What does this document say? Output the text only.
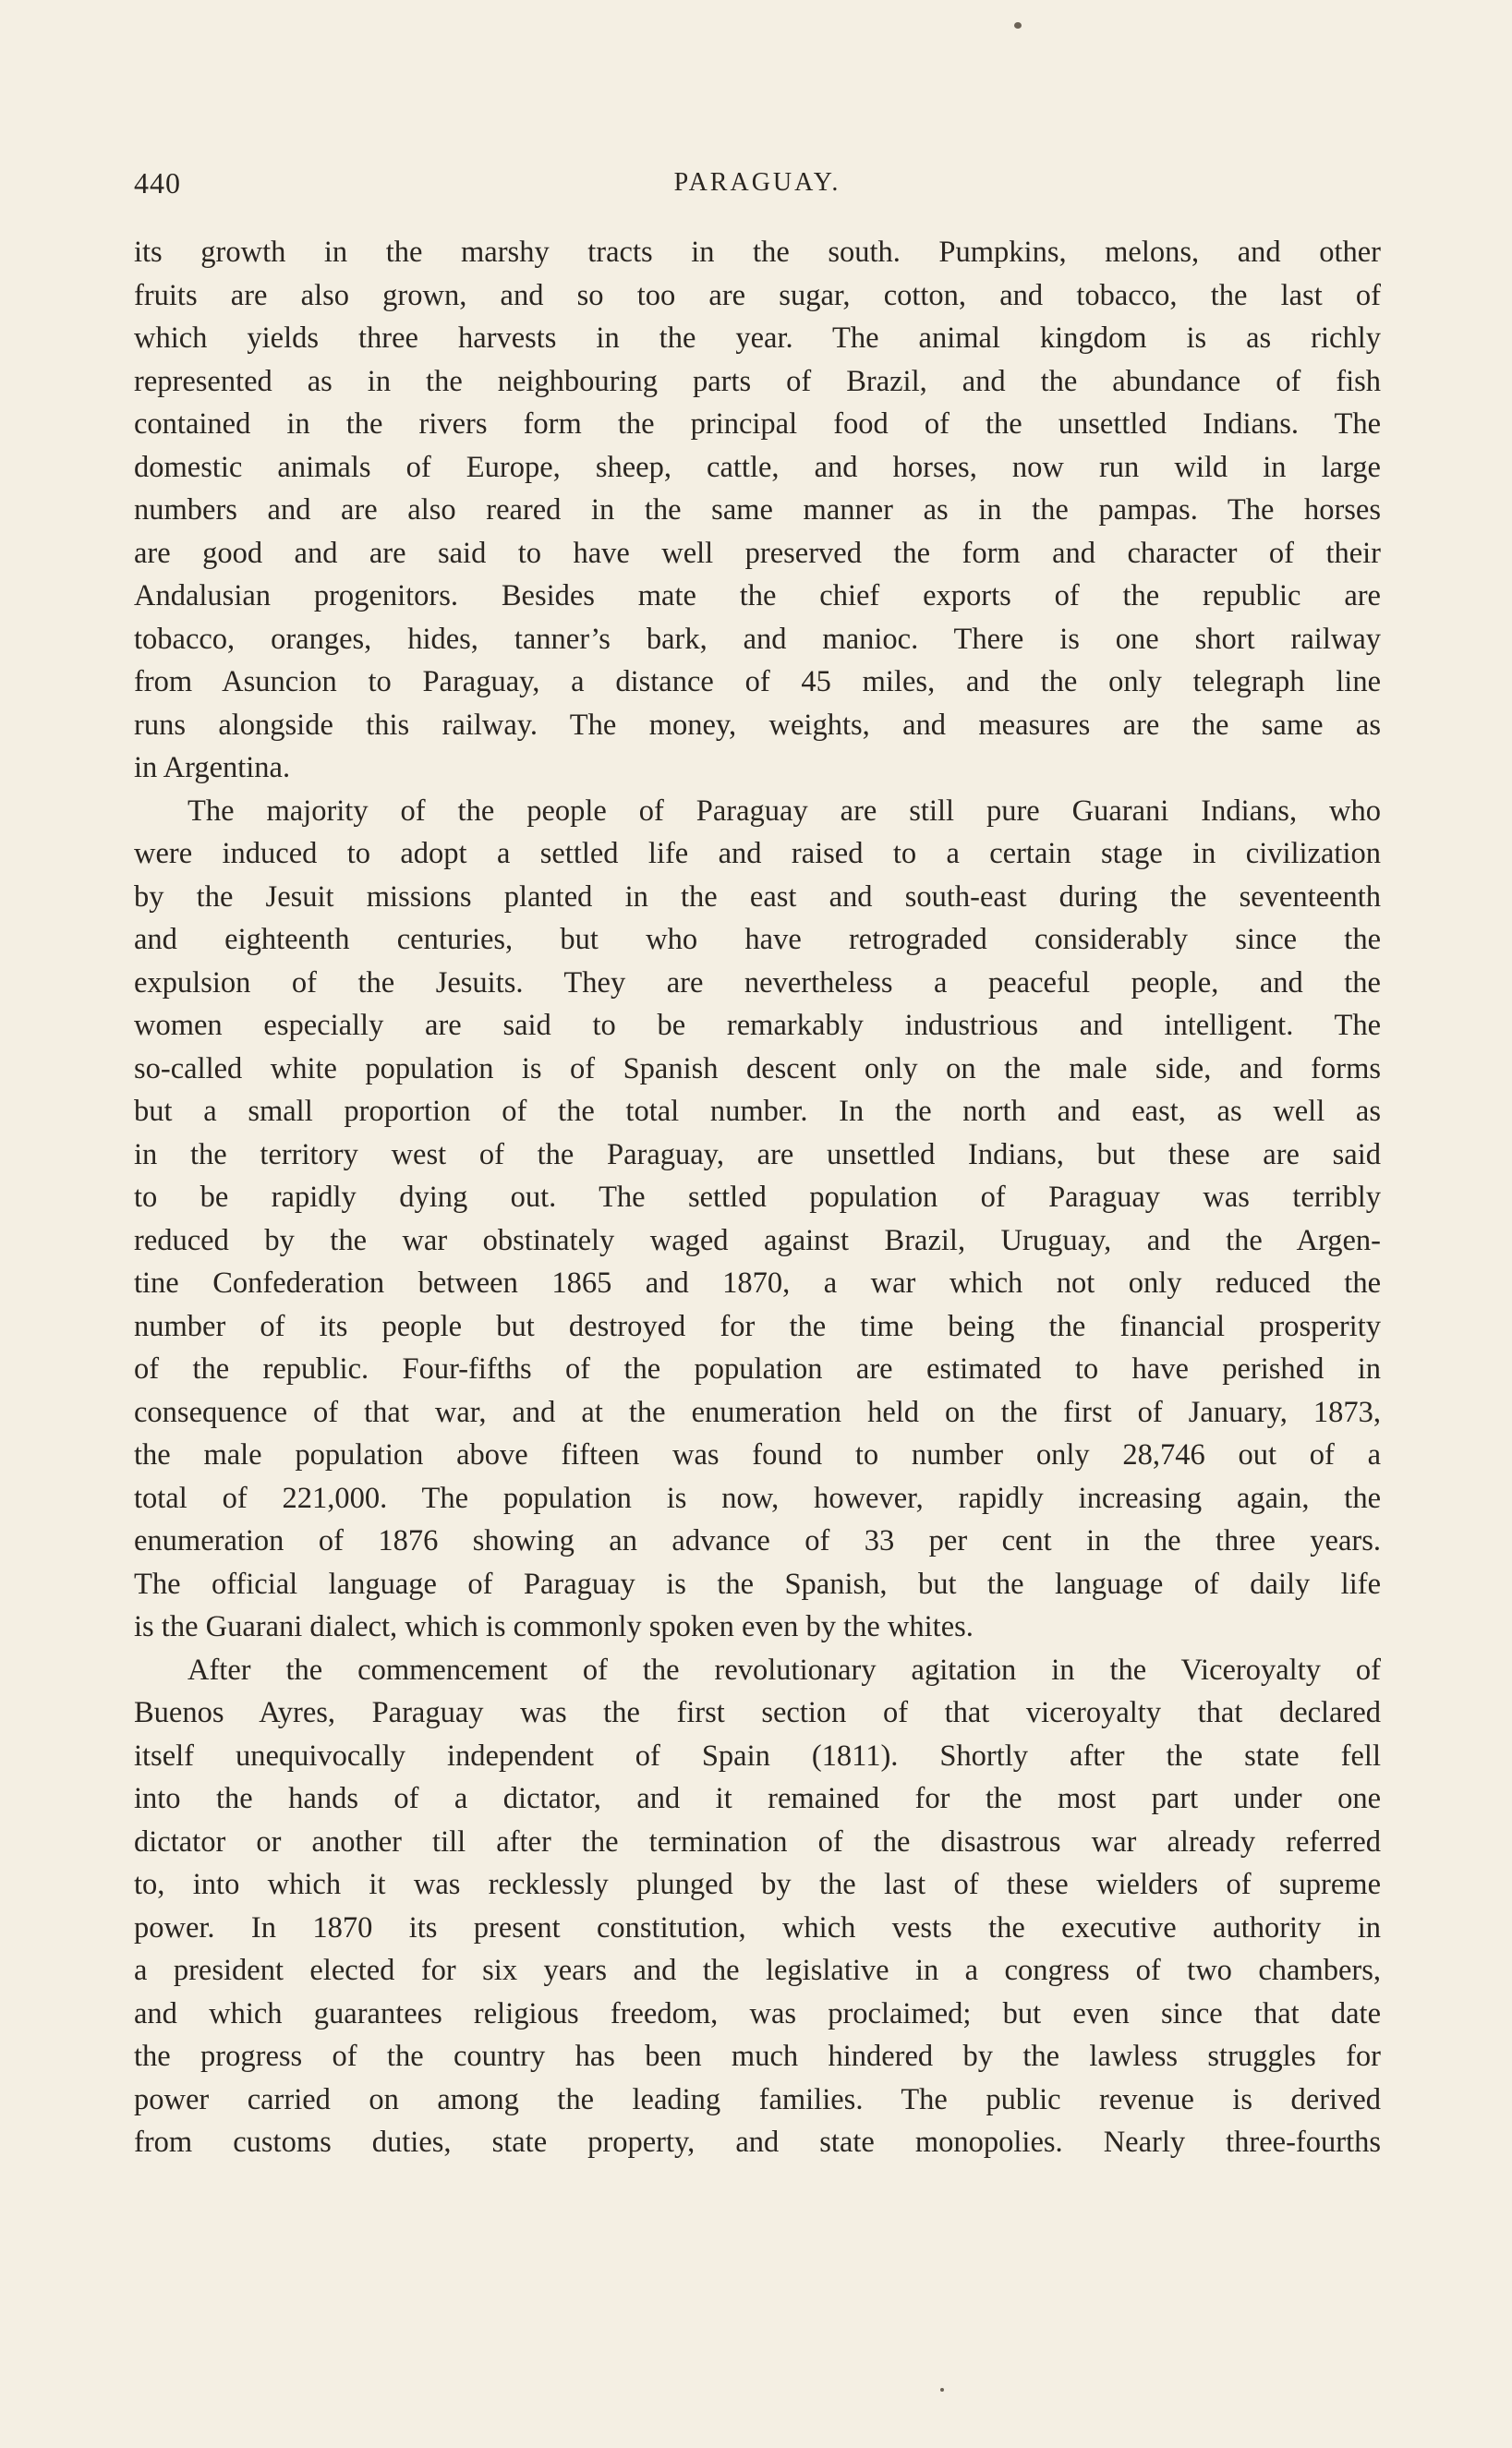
440	PARAGUAY.
its growth in the marshy tracts in the south. Pumpkins, melons, and other
fruits are also grown, and so too are sugar, cotton, and tobacco, the last of
which yields three harvests in the year. The animal kingdom is as richly
represented as in the neighbouring parts of Brazil, and the abundance of fish
contained in the rivers form the principal food of the unsettled Indians. The
domestic animals of Europe, sheep, cattle, and horses, now run wild in large
numbers and are also reared in the same manner as in the pampas. The horses
are good and are said to have well preserved the form and character of their
Andalusian progenitors. Besides mate the chief exports of the republic are
tobacco, oranges, hides, tanner’s bark, and manioc. There is one short railway
from Asuncion to Paraguay, a distance of 45 miles, and the only telegraph line
runs alongside this railway. The money, weights, and measures are the same as
in Argentina.
The majority of the people of Paraguay are still pure Guarani Indians, who
were induced to adopt a settled life and raised to a certain stage in civilization
by the Jesuit missions planted in the east and south-east during the seventeenth
and eighteenth centuries, but who have retrograded considerably since the
expulsion of the Jesuits. They are nevertheless a peaceful people, and the
women especially are said to be remarkably industrious and intelligent. The
so-called white population is of Spanish descent only on the male side, and forms
but a small proportion of the total number. In the north and east, as well as
in the territory west of the Paraguay, are unsettled Indians, but these are said
to be rapidly dying out. The settled population of Paraguay was terribly
reduced by the war obstinately waged against Brazil, Uruguay, and the Argen-
tine Confederation between 1865 and 1870, a war which not only reduced the
number of its people but destroyed for the time being the financial prosperity
of the republic. Four-fifths of the population are estimated to have perished in
consequence of that war, and at the enumeration held on the first of January, 1873,
the male population above fifteen was found to number only 28,746 out of a
total of 221,000. The population is now, however, rapidly increasing again, the
enumeration of 1876 showing an advance of 33 per cent in the three years.
The official language of Paraguay is the Spanish, but the language of daily life
is the Guarani dialect, which is commonly spoken even by the whites.
After the commencement of the revolutionary agitation in the Viceroyalty of
Buenos Ayres, Paraguay was the first section of that viceroyalty that declared
itself unequivocally independent of Spain (1811). Shortly after the state fell
into the hands of a dictator, and it remained for the most part under one
dictator or another till after the termination of the disastrous war already referred
to, into which it was recklessly plunged by the last of these wielders of supreme
power. In 1870 its present constitution, which vests the executive authority in
a president elected for six years and the legislative in a congress of two chambers,
and which guarantees religious freedom, was proclaimed; but even since that date
the progress of the country has been much hindered by the lawless struggles for
power carried on among the leading families. The public revenue is derived
from customs duties, state property, and state monopolies. Nearly three-fourths
